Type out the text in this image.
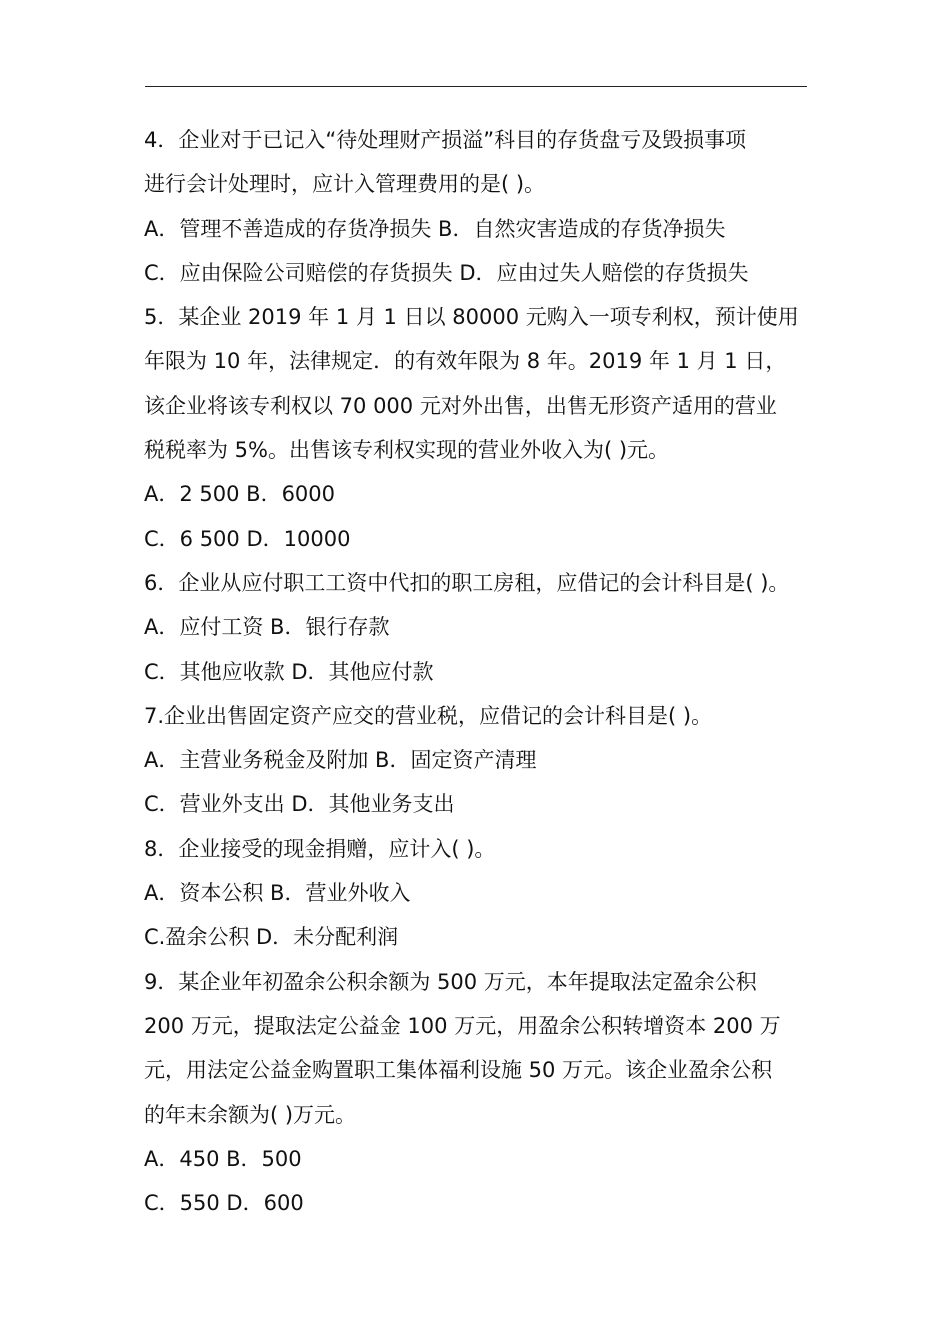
4．企业对于已记入“待处理财产损溢”科目的存货盘亏及毁损事项
进行会计处理时，应计入管理费用的是( )。
A．管理不善造成的存货净损失 B．自然灾害造成的存货净损失
C．应由保险公司赔偿的存货损失 D．应由过失人赔偿的存货损失
5．某企业 2019 年 1 月 1 日以 80000 元购入一项专利权，预计使用
年限为 10 年，法律规定．的有效年限为 8 年。2019 年 1 月 1 日，
该企业将该专利权以 70 000 元对外出售，出售无形资产适用的营业
税税率为 5%。出售该专利权实现的营业外收入为( )元。
A．2 500 B．6000
C．6 500 D．10000
6．企业从应付职工工资中代扣的职工房租，应借记的会计科目是( )。
A．应付工资 B．银行存款
C．其他应收款 D．其他应付款
7.企业出售固定资产应交的营业税，应借记的会计科目是( )。
A．主营业务税金及附加 B．固定资产清理
C．营业外支出 D．其他业务支出
8．企业接受的现金捐赠，应计入( )。
A．资本公积 B．营业外收入
C.盈余公积 D．未分配利润
9．某企业年初盈余公积余额为 500 万元，本年提取法定盈余公积
200 万元，提取法定公益金 100 万元，用盈余公积转增资本 200 万
元，用法定公益金购置职工集体福利设施 50 万元。该企业盈余公积
的年末余额为( )万元。
A．450 B．500
C．550 D．600
